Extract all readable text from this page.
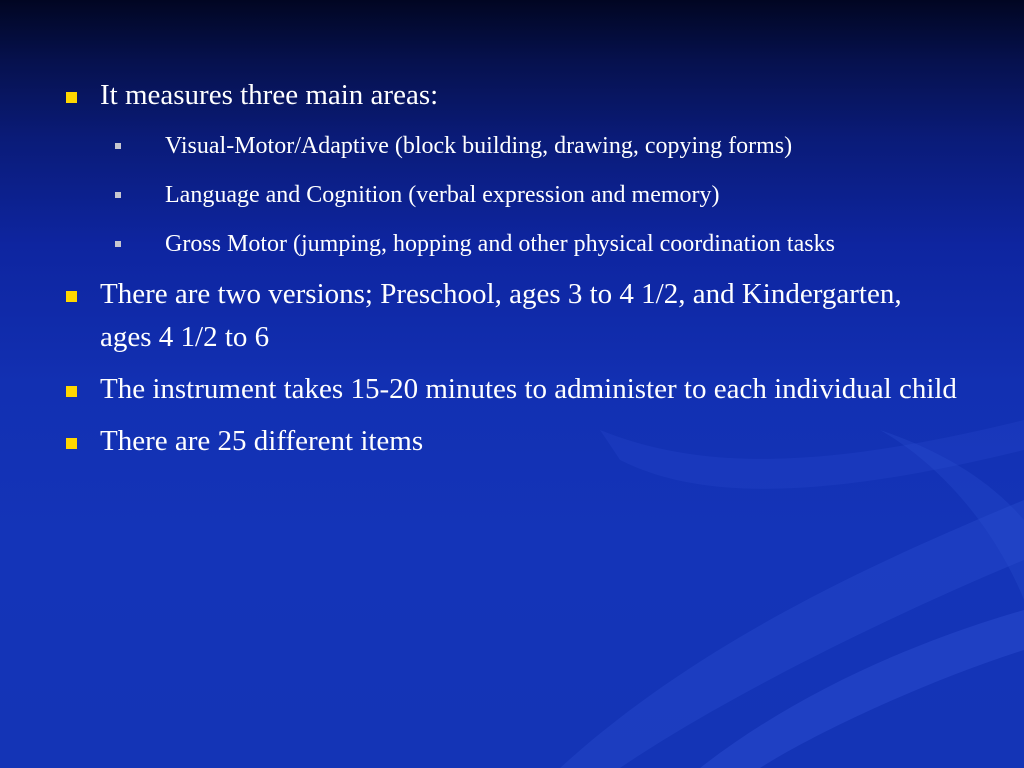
It measures three main areas:
Visual-Motor/Adaptive (block building, drawing, copying forms)
Language and Cognition (verbal expression and memory)
Gross Motor (jumping, hopping and other physical coordination tasks
There are two versions; Preschool, ages 3 to 4 1/2, and Kindergarten, ages 4 1/2 to 6
The instrument takes 15-20 minutes to administer to each individual child
There are 25 different items
